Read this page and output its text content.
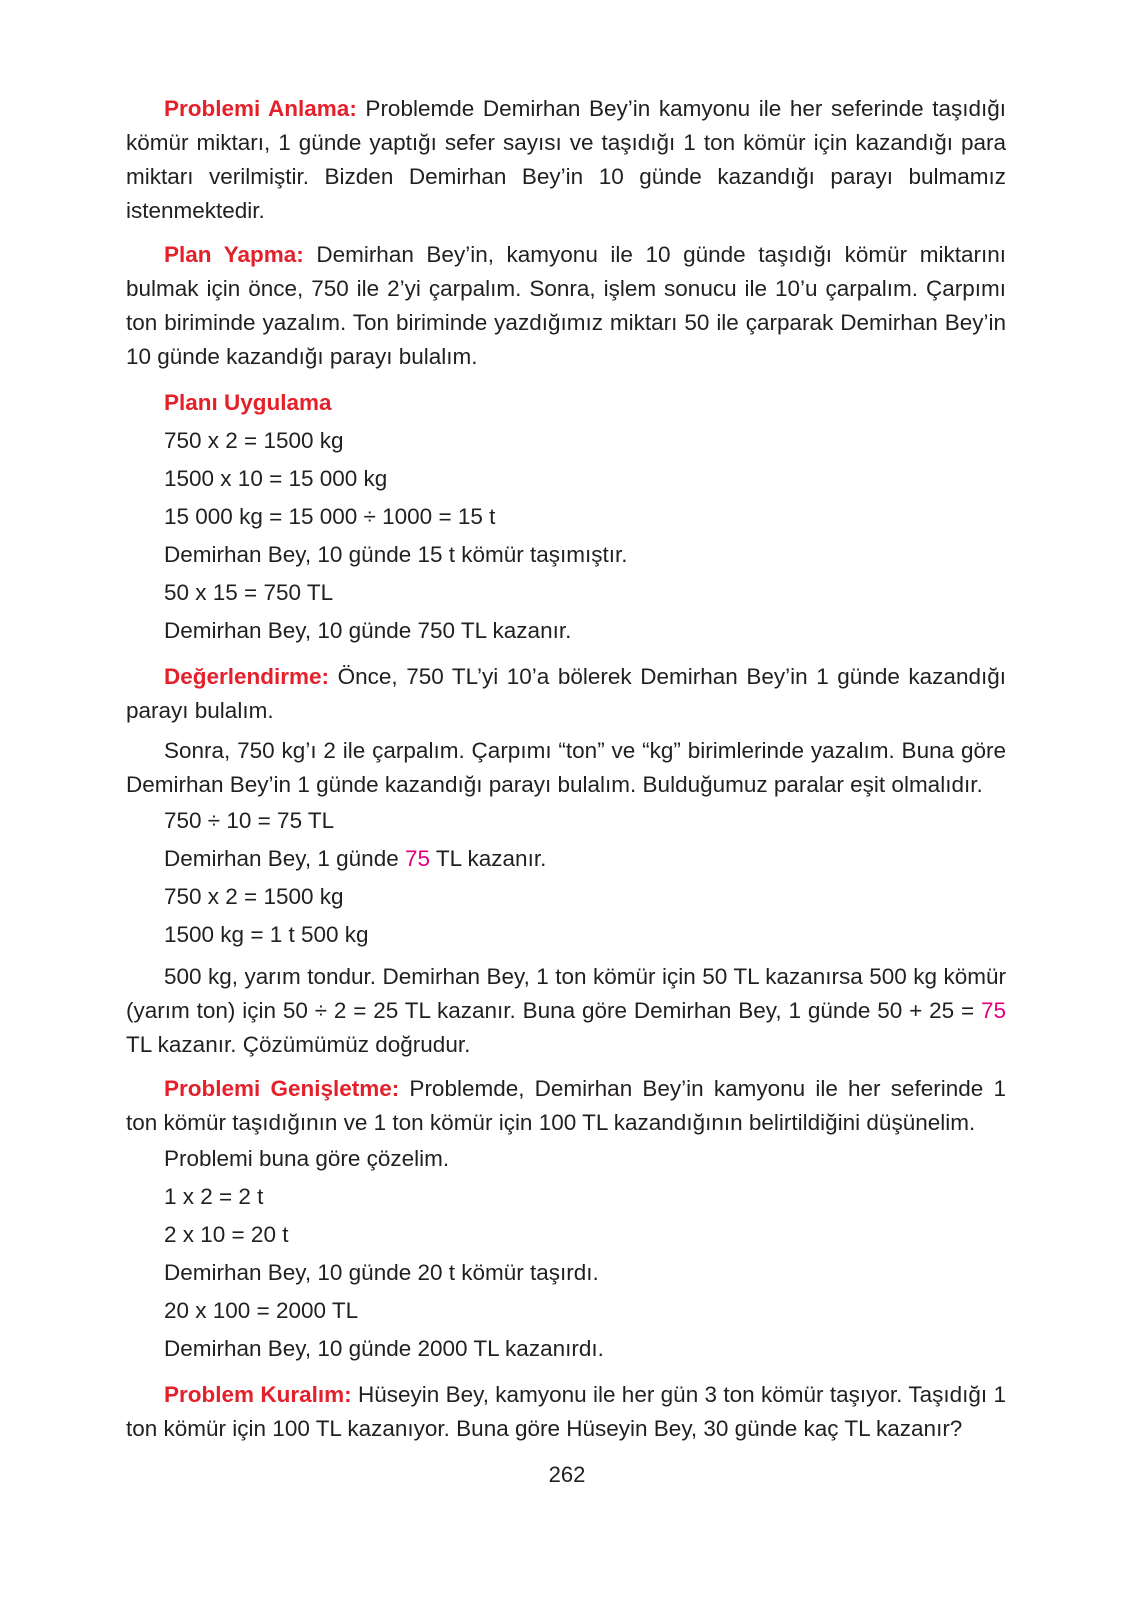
Problemi Anlama: Problemde Demirhan Bey’in kamyonu ile her seferinde taşıdığı kömür miktarı, 1 günde yaptığı sefer sayısı ve taşıdığı 1 ton kömür için kazandığı para miktarı verilmiştir. Bizden Demirhan Bey’in 10 günde kazandığı parayı bulmamız istenmektedir.

Plan Yapma: Demirhan Bey’in, kamyonu ile 10 günde taşıdığı kömür miktarını bulmak için önce, 750 ile 2’yi çarpalım. Sonra, işlem sonucu ile 10’u çarpalım. Çarpımı ton biriminde yazalım. Ton biriminde yazdığımız miktarı 50 ile çarparak Demirhan Bey’in 10 günde kazandığı parayı bulalım.

Planı Uygulama

750 x 2 = 1500 kg

1500 x 10 = 15 000 kg

15 000 kg = 15 000 ÷ 1000 = 15 t

Demirhan Bey, 10 günde 15 t kömür taşımıştır.

50 x 15 = 750 TL

Demirhan Bey, 10 günde 750 TL kazanır.

Değerlendirme: Önce, 750 TL’yi 10’a bölerek Demirhan Bey’in 1 günde kazandığı parayı bulalım.

Sonra, 750 kg’ı 2 ile çarpalım. Çarpımı “ton” ve “kg” birimlerinde yazalım. Buna göre Demirhan Bey’in 1 günde kazandığı parayı bulalım. Bulduğumuz paralar eşit olmalıdır.

750 ÷ 10 = 75 TL

Demirhan Bey, 1 günde 75 TL kazanır.

750 x 2 = 1500 kg

1500 kg = 1 t 500 kg

500 kg, yarım tondur. Demirhan Bey, 1 ton kömür için 50 TL kazanırsa 500 kg kömür (yarım ton) için 50 ÷ 2 = 25 TL kazanır. Buna göre Demirhan Bey, 1 günde 50 + 25 = 75 TL kazanır. Çözümümüz doğrudur.

Problemi Genişletme: Problemde, Demirhan Bey’in kamyonu ile her seferinde 1 ton kömür taşıdığının ve 1 ton kömür için 100 TL kazandığının belirtildiğini düşünelim.

Problemi buna göre çözelim.

1 x 2 = 2 t

2 x 10 = 20 t

Demirhan Bey, 10 günde 20 t kömür taşırdı.

20 x 100 = 2000 TL

Demirhan Bey, 10 günde 2000 TL kazanırdı.

Problem Kuralım: Hüseyin Bey, kamyonu ile her gün 3 ton kömür taşıyor. Taşıdığı 1 ton kömür için 100 TL kazanıyor. Buna göre Hüseyin Bey, 30 günde kaç TL kazanır?

262
